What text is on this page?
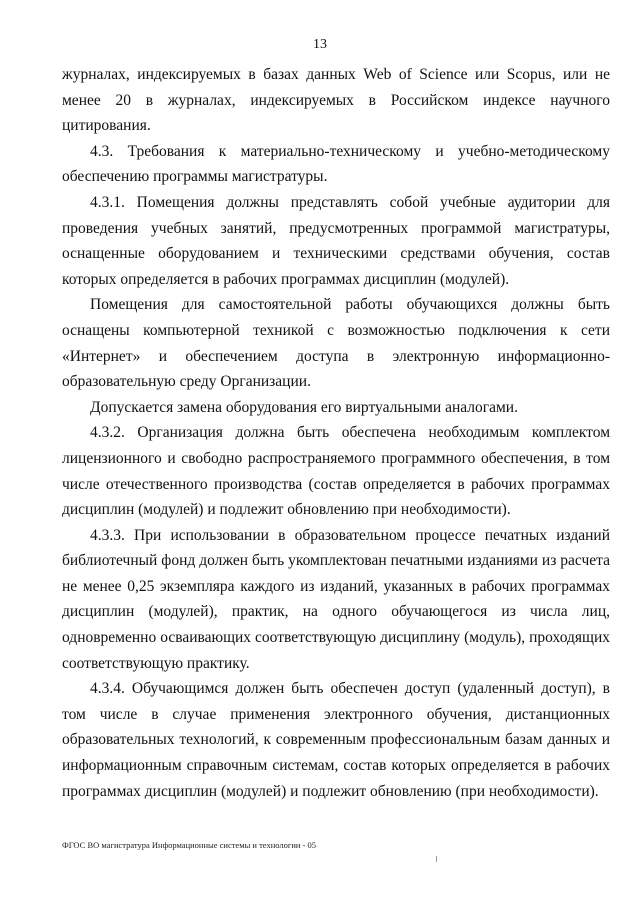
13

журналах, индексируемых в базах данных Web of Science или Scopus, или не менее 20 в журналах, индексируемых в Российском индексе научного цитирования.

4.3. Требования к материально-техническому и учебно-методическому обеспечению программы магистратуры.

4.3.1. Помещения должны представлять собой учебные аудитории для проведения учебных занятий, предусмотренных программой магистратуры, оснащенные оборудованием и техническими средствами обучения, состав которых определяется в рабочих программах дисциплин (модулей).

Помещения для самостоятельной работы обучающихся должны быть оснащены компьютерной техникой с возможностью подключения к сети «Интернет» и обеспечением доступа в электронную информационно-образовательную среду Организации.

Допускается замена оборудования его виртуальными аналогами.

4.3.2. Организация должна быть обеспечена необходимым комплектом лицензионного и свободно распространяемого программного обеспечения, в том числе отечественного производства (состав определяется в рабочих программах дисциплин (модулей) и подлежит обновлению при необходимости).

4.3.3. При использовании в образовательном процессе печатных изданий библиотечный фонд должен быть укомплектован печатными изданиями из расчета не менее 0,25 экземпляра каждого из изданий, указанных в рабочих программах дисциплин (модулей), практик, на одного обучающегося из числа лиц, одновременно осваивающих соответствующую дисциплину (модуль), проходящих соответствующую практику.

4.3.4. Обучающимся должен быть обеспечен доступ (удаленный доступ), в том числе в случае применения электронного обучения, дистанционных образовательных технологий, к современным профессиональным базам данных и информационным справочным системам, состав которых определяется в рабочих программах дисциплин (модулей) и подлежит обновлению (при необходимости).

ФГОС ВО магистратура Информационные системы и технологии - 05
